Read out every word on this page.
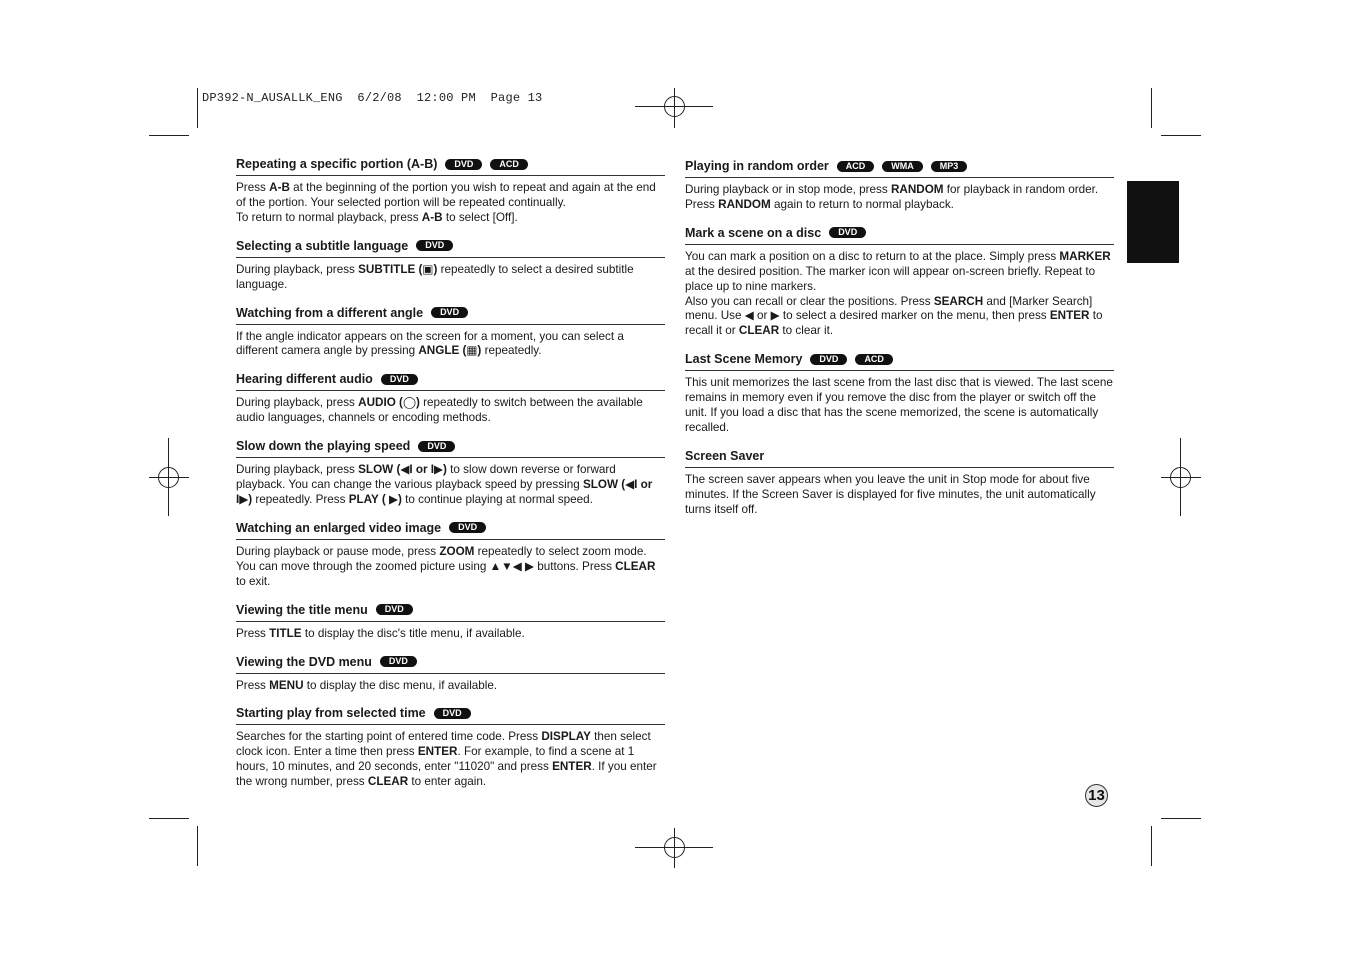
DP392-N_AUSALLK_ENG  6/2/08  12:00 PM  Page 13
Repeating a specific portion (A-B)	DVD	ACD
Press A-B at the beginning of the portion you wish to repeat and again at the end of the portion. Your selected portion will be repeated continually.
To return to normal playback, press A-B to select [Off].
Selecting a subtitle language	DVD
During playback, press SUBTITLE (▣) repeatedly to select a desired subtitle language.
Watching from a different angle	DVD
If the angle indicator appears on the screen for a moment, you can select a different camera angle by pressing ANGLE (▦) repeatedly.
Hearing different audio	DVD
During playback, press AUDIO (◯) repeatedly to switch between the available audio languages, channels or encoding methods.
Slow down the playing speed	DVD
During playback, press SLOW (◀I or I▶) to slow down reverse or forward playback. You can change the various playback speed by pressing SLOW (◀I or I▶) repeatedly. Press PLAY ( ▶) to continue playing at normal speed.
Watching an enlarged video image	DVD
During playback or pause mode, press ZOOM repeatedly to select zoom mode. You can move through the zoomed picture using ▲▼◀ ▶ buttons. Press CLEAR to exit.
Viewing the title menu	DVD
Press TITLE to display the disc's title menu, if available.
Viewing the DVD menu	DVD
Press MENU to display the disc menu, if available.
Starting play from selected time	DVD
Searches for the starting point of entered time code. Press DISPLAY then select clock icon. Enter a time then press ENTER. For example, to find a scene at 1 hours, 10 minutes, and 20 seconds, enter "11020" and press ENTER. If you enter the wrong number, press CLEAR to enter again.
Playing in random order	ACD	WMA	MP3
During playback or in stop mode, press RANDOM for playback in random order. Press RANDOM again to return to normal playback.
Mark a scene on a disc	DVD
You can mark a position on a disc to return to at the place. Simply press MARKER at the desired position. The marker icon will appear on-screen briefly. Repeat to place up to nine markers.
Also you can recall or clear the positions. Press SEARCH and [Marker Search] menu. Use ◀ or ▶ to select a desired marker on the menu, then press ENTER to recall it or CLEAR to clear it.
Last Scene Memory	DVD	ACD
This unit memorizes the last scene from the last disc that is viewed. The last scene remains in memory even if you remove the disc from the player or switch off the unit. If you load a disc that has the scene memorized, the scene is automatically recalled.
Screen Saver
The screen saver appears when you leave the unit in Stop mode for about five minutes. If the Screen Saver is displayed for five minutes, the unit automatically turns itself off.
13
